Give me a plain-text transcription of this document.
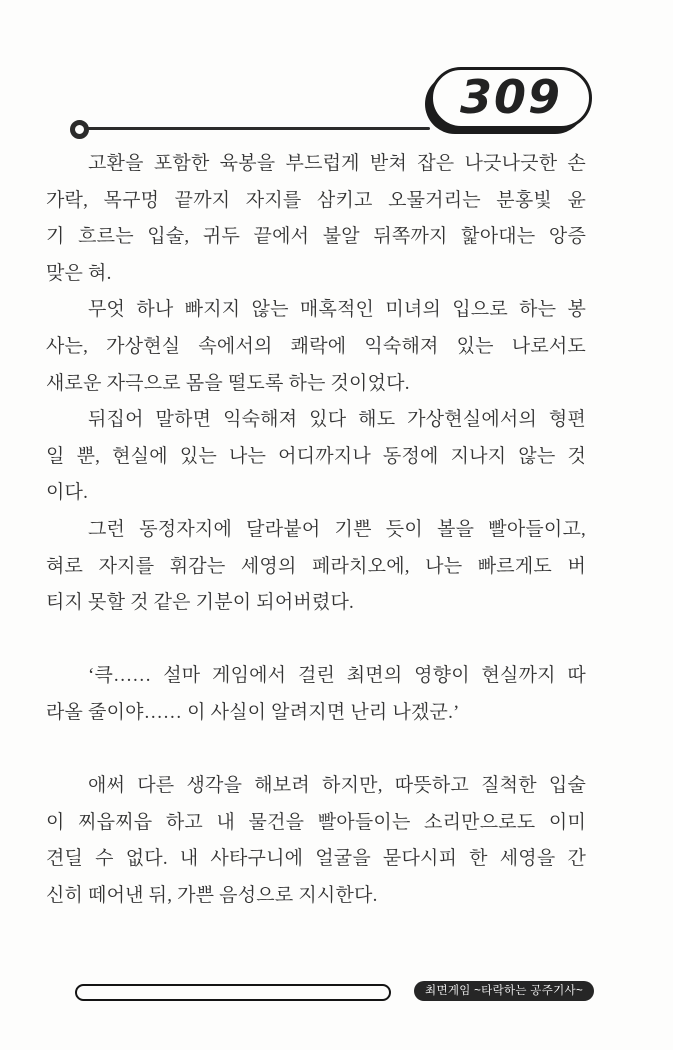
309
고환을 포함한 육봉을 부드럽게 받쳐 잡은 나긋나긋한 손
가락, 목구멍 끝까지 자지를 삼키고 오물거리는 분홍빛 윤
기 흐르는 입술, 귀두 끝에서 불알 뒤쪽까지 핥아대는 앙증
맞은 혀.
무엇 하나 빠지지 않는 매혹적인 미녀의 입으로 하는 봉
사는, 가상현실 속에서의 쾌락에 익숙해져 있는 나로서도
새로운 자극으로 몸을 떨도록 하는 것이었다.
뒤집어 말하면 익숙해져 있다 해도 가상현실에서의 형편
일 뿐, 현실에 있는 나는 어디까지나 동정에 지나지 않는 것
이다.
그런 동정자지에 달라붙어 기쁜 듯이 볼을 빨아들이고,
혀로 자지를 휘감는 세영의 페라치오에, 나는 빠르게도 버
티지 못할 것 같은 기분이 되어버렸다.
‘큭…… 설마 게임에서 걸린 최면의 영향이 현실까지 따
라올 줄이야…… 이 사실이 알려지면 난리 나겠군.’
애써 다른 생각을 해보려 하지만, 따뜻하고 질척한 입술
이 찌읍찌읍 하고 내 물건을 빨아들이는 소리만으로도 이미
견딜 수 없다. 내 사타구니에 얼굴을 묻다시피 한 세영을 간
신히 떼어낸 뒤, 가쁜 음성으로 지시한다.
최면게임 ~타락하는 공주기사~
